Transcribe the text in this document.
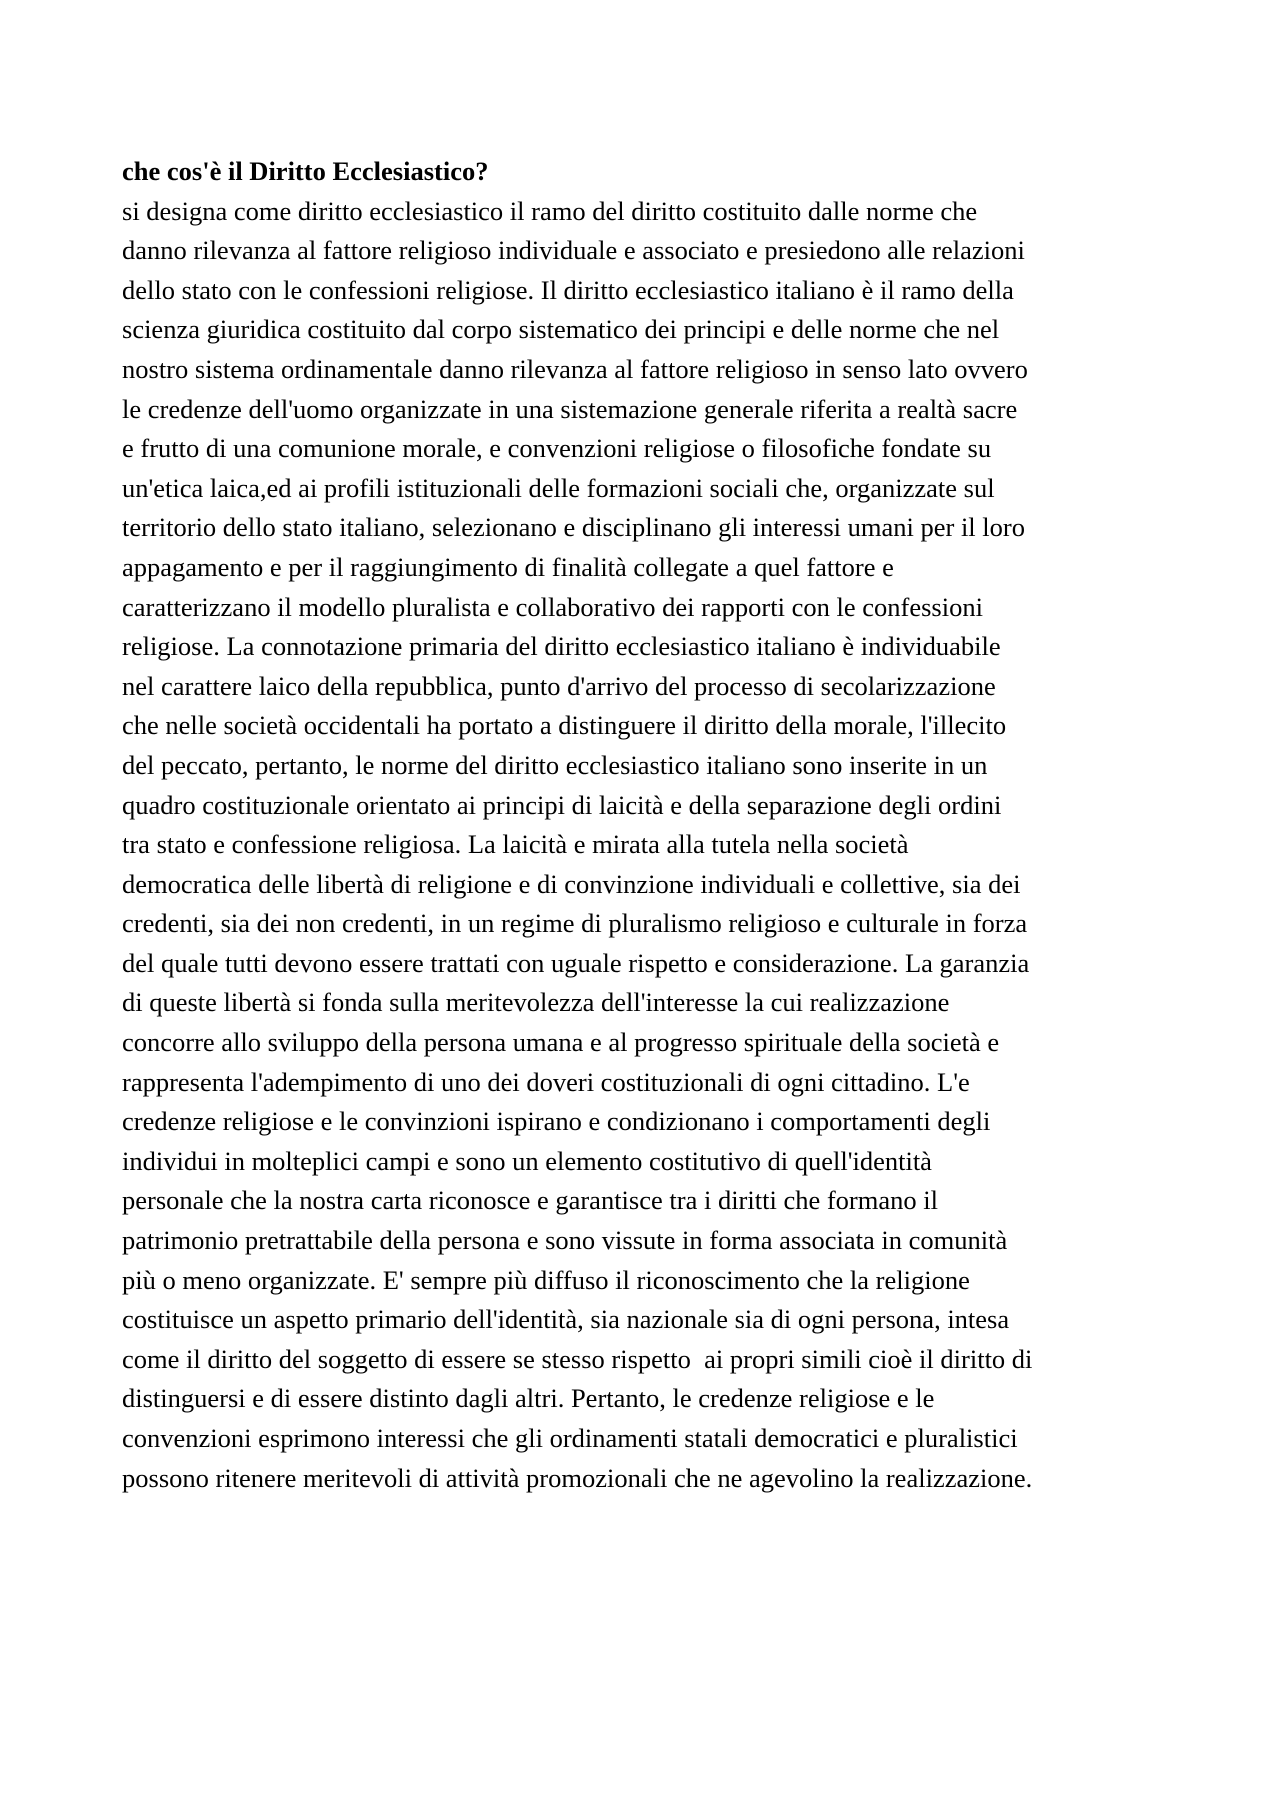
che cos'è il Diritto Ecclesiastico?

si designa come diritto ecclesiastico il ramo del diritto costituito dalle norme che

danno rilevanza al fattore religioso individuale e associato e presiedono alle relazioni

dello stato con le confessioni religiose. Il diritto ecclesiastico italiano è il ramo della

scienza giuridica costituito dal corpo sistematico dei principi e delle norme che nel

nostro sistema ordinamentale danno rilevanza al fattore religioso in senso lato ovvero

le credenze dell'uomo organizzate in una sistemazione generale riferita a realtà sacre

e frutto di una comunione morale, e convenzioni religiose o filosofiche fondate su

un'etica laica,ed ai profili istituzionali delle formazioni sociali che, organizzate sul

territorio dello stato italiano, selezionano e disciplinano gli interessi umani per il loro

appagamento e per il raggiungimento di finalità collegate a quel fattore e

caratterizzano il modello pluralista e collaborativo dei rapporti con le confessioni

religiose. La connotazione primaria del diritto ecclesiastico italiano è individuabile

nel carattere laico della repubblica, punto d'arrivo del processo di secolarizzazione

che nelle società occidentali ha portato a distinguere il diritto della morale, l'illecito

del peccato, pertanto, le norme del diritto ecclesiastico italiano sono inserite in un

quadro costituzionale orientato ai principi di laicità e della separazione degli ordini

tra stato e confessione religiosa. La laicità e mirata alla tutela nella società

democratica delle libertà di religione e di convinzione individuali e collettive, sia dei

credenti, sia dei non credenti, in un regime di pluralismo religioso e culturale in forza

del quale tutti devono essere trattati con uguale rispetto e considerazione. La garanzia

di queste libertà si fonda sulla meritevolezza dell'interesse la cui realizzazione

concorre allo sviluppo della persona umana e al progresso spirituale della società e

rappresenta l'adempimento di uno dei doveri costituzionali di ogni cittadino. L'e

credenze religiose e le convinzioni ispirano e condizionano i comportamenti degli

individui in molteplici campi e sono un elemento costitutivo di quell'identità

personale che la nostra carta riconosce e garantisce tra i diritti che formano il

patrimonio pretrattabile della persona e sono vissute in forma associata in comunità

più o meno organizzate. E' sempre più diffuso il riconoscimento che la religione

costituisce un aspetto primario dell'identità, sia nazionale sia di ogni persona, intesa

come il diritto del soggetto di essere se stesso rispetto  ai propri simili cioè il diritto di

distinguersi e di essere distinto dagli altri. Pertanto, le credenze religiose e le

convenzioni esprimono interessi che gli ordinamenti statali democratici e pluralistici

possono ritenere meritevoli di attività promozionali che ne agevolino la realizzazione.
